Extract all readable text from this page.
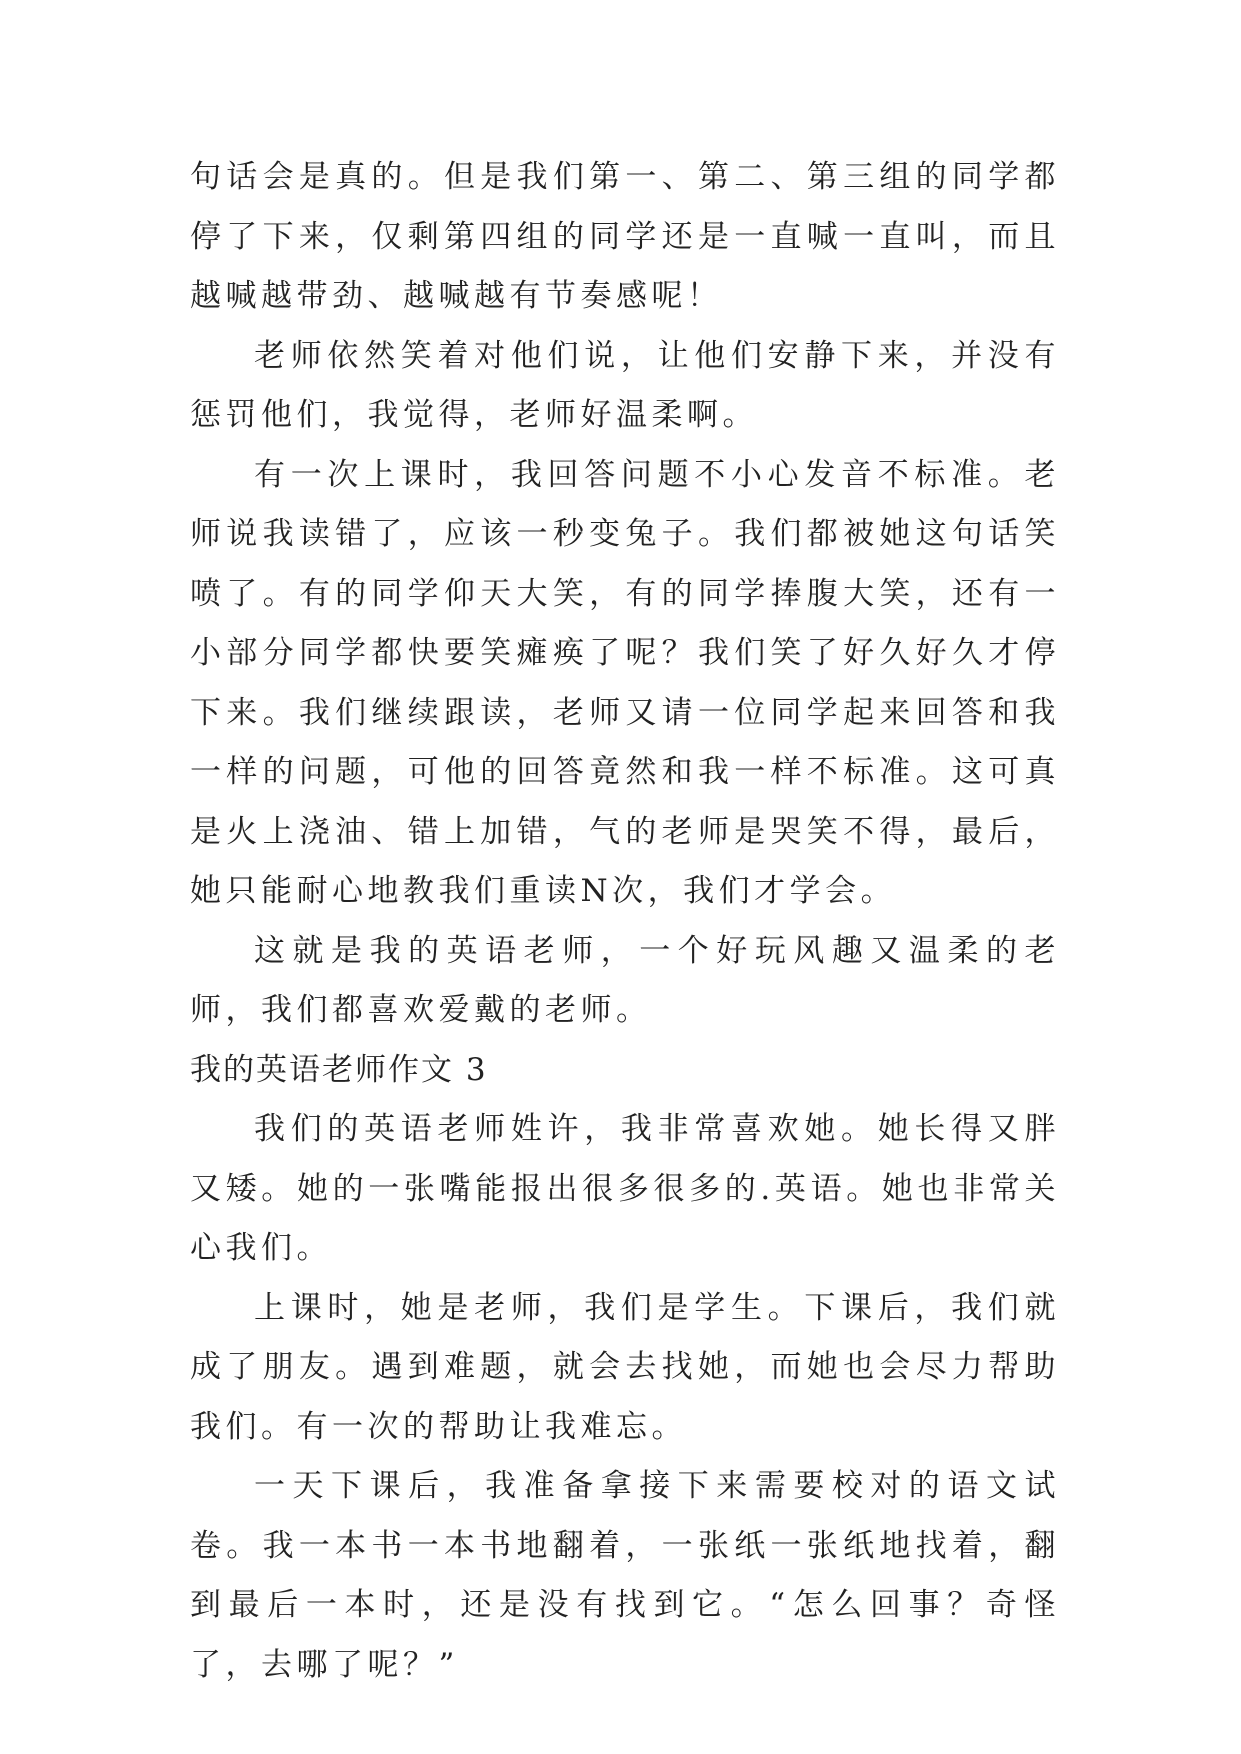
句话会是真的。但是我们第一、第二、第三组的同学都停了下来，仅剩第四组的同学还是一直喊一直叫，而且越喊越带劲、越喊越有节奏感呢！

老师依然笑着对他们说，让他们安静下来，并没有惩罚他们，我觉得，老师好温柔啊。

有一次上课时，我回答问题不小心发音不标准。老师说我读错了，应该一秒变兔子。我们都被她这句话笑喷了。有的同学仰天大笑，有的同学捧腹大笑，还有一小部分同学都快要笑瘫痪了呢？我们笑了好久好久才停下来。我们继续跟读，老师又请一位同学起来回答和我一样的问题，可他的回答竟然和我一样不标准。这可真是火上浇油、错上加错，气的老师是哭笑不得，最后，她只能耐心地教我们重读N次，我们才学会。

这就是我的英语老师，一个好玩风趣又温柔的老师，我们都喜欢爱戴的老师。

我的英语老师作文 3

我们的英语老师姓许，我非常喜欢她。她长得又胖又矮。她的一张嘴能报出很多很多的.英语。她也非常关心我们。

上课时，她是老师，我们是学生。下课后，我们就成了朋友。遇到难题，就会去找她，而她也会尽力帮助我们。有一次的帮助让我难忘。

一天下课后，我准备拿接下来需要校对的语文试卷。我一本书一本书地翻着，一张纸一张纸地找着，翻到最后一本时，还是没有找到它。“怎么回事？奇怪了，去哪了呢？”
